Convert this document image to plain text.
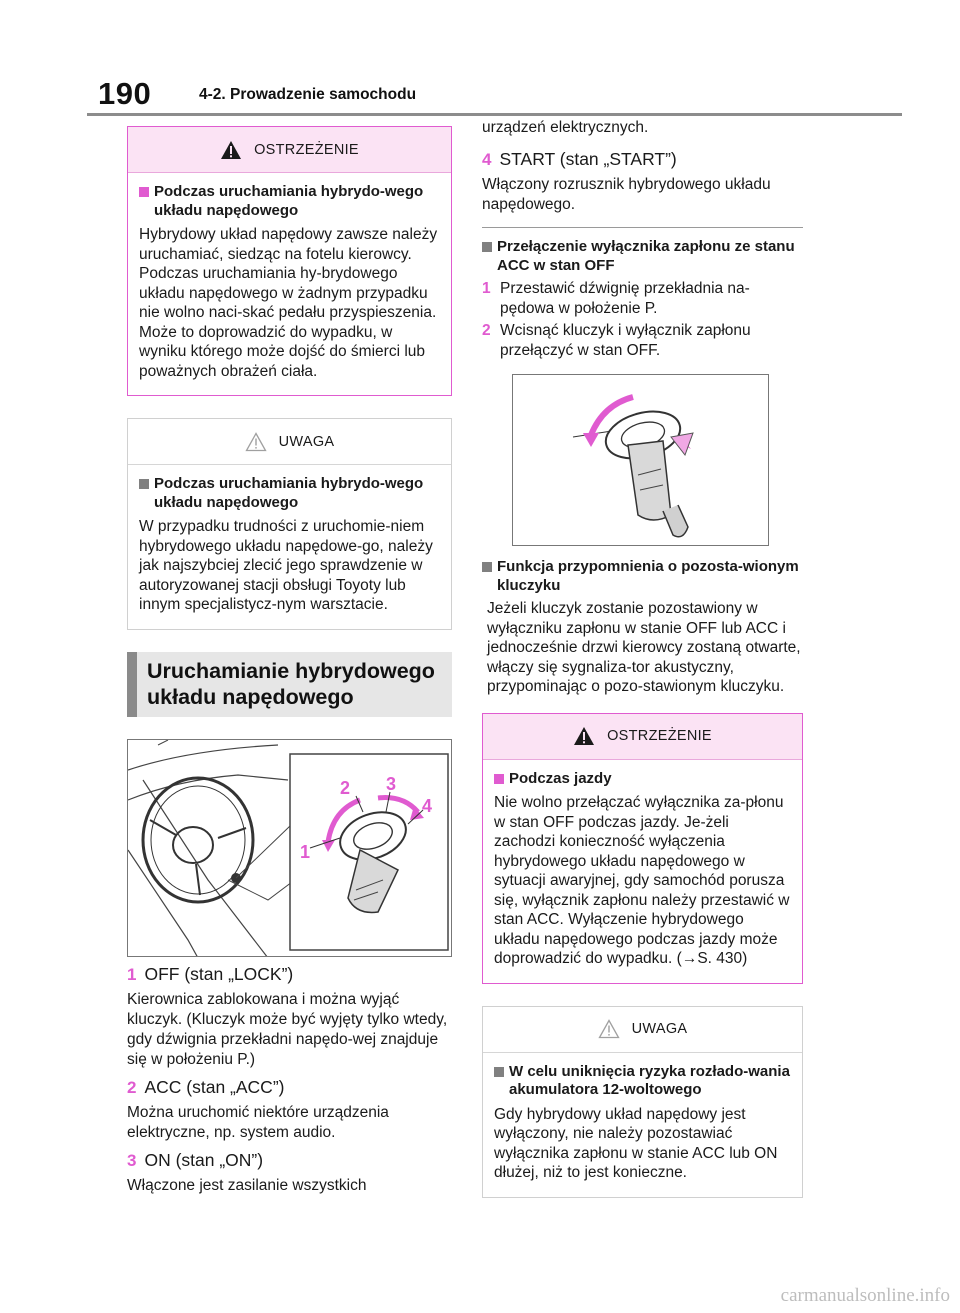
190	4-2. Prowadzenie samochodu
OSTRZEŻENIE
Podczas uruchamiania hybrydo-wego układu napędowego
Hybrydowy układ napędowy zawsze należy uruchamiać, siedząc na fotelu kierowcy. Podczas uruchamiania hy-brydowego układu napędowego w żadnym przypadku nie wolno naci-skać pedału przyspieszenia. Może to doprowadzić do wypadku, w wyniku którego może dojść do śmierci lub poważnych obrażeń ciała.
UWAGA
Podczas uruchamiania hybrydo-wego układu napędowego
W przypadku trudności z uruchomie-niem hybrydowego układu napędowe-go, należy jak najszybciej zlecić jego sprawdzenie w autoryzowanej stacji obsługi Toyoty lub innym specjalistycz-nym warsztacie.
Uruchamianie hybrydowego układu napędowego
1
2 3
4
1 OFF (stan „LOCK”)
Kierownica zablokowana i można wyjąć kluczyk. (Kluczyk może być wyjęty tylko wtedy, gdy dźwignia przekładni napędo-wej znajduje się w położeniu P.)
2 ACC (stan „ACC”)
Można uruchomić niektóre urządzenia elektryczne, np. system audio.
3 ON (stan „ON”)
Włączone jest zasilanie wszystkich
urządzeń elektrycznych.
4 START (stan „START”)
Włączony rozrusznik hybrydowego układu napędowego.
Przełączenie wyłącznika zapłonu ze stanu ACC w stan OFF
1 Przestawić dźwignię przekładnia na-pędowa w położenie P.
2 Wcisnąć kluczyk i wyłącznik zapłonu przełączyć w stan OFF.
Funkcja przypomnienia o pozosta-wionym kluczyku
Jeżeli kluczyk zostanie pozostawiony w wyłączniku zapłonu w stanie OFF lub ACC i jednocześnie drzwi kierowcy zostaną otwarte, włączy się sygnaliza-tor akustyczny, przypominając o pozo-stawionym kluczyku.
OSTRZEŻENIE
Podczas jazdy
Nie wolno przełączać wyłącznika za-płonu w stan OFF podczas jazdy. Je-żeli zachodzi konieczność wyłączenia hybrydowego układu napędowego w sytuacji awaryjnej, gdy samochód porusza się, wyłącznik zapłonu należy przestawić w stan ACC. Wyłączenie hybrydowego układu napędowego podczas jazdy może doprowadzić do wypadku. (→S. 430)
UWAGA
W celu uniknięcia ryzyka rozłado-wania akumulatora 12-woltowego
Gdy hybrydowy układ napędowy jest wyłączony, nie należy pozostawiać wyłącznika zapłonu w stanie ACC lub ON dłużej, niż to jest konieczne.
carmanualsonline.info
